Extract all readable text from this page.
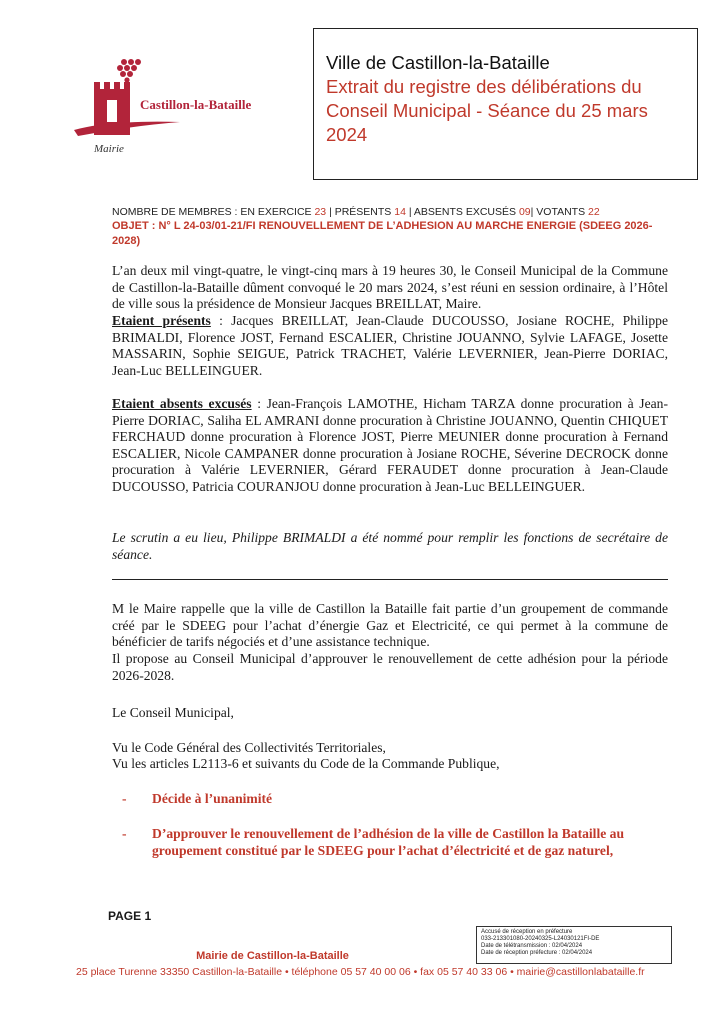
Castillon-la-Bataille
Mairie
Ville de Castillon-la-Bataille
Extrait du registre des délibérations du
Conseil Municipal - Séance du 25 mars
2024
NOMBRE DE MEMBRES : EN EXERCICE 23 | PRÉSENTS 14 | ABSENTS EXCUSÉS 09| VOTANTS 22
OBJET : N° L 24-03/01-21/FI RENOUVELLEMENT DE L’ADHESION AU MARCHE ENERGIE (SDEEG 2026-2028)
L’an deux mil vingt-quatre, le vingt-cinq mars à 19 heures 30, le Conseil Municipal de la Commune de Castillon-la-Bataille dûment convoqué le 20 mars 2024, s’est réuni en session ordinaire, à l’Hôtel de ville sous la présidence de Monsieur Jacques BREILLAT, Maire.
Etaient présents : Jacques BREILLAT, Jean-Claude DUCOUSSO, Josiane ROCHE, Philippe BRIMALDI, Florence JOST, Fernand ESCALIER, Christine JOUANNO, Sylvie LAFAGE, Josette MASSARIN, Sophie SEIGUE, Patrick TRACHET, Valérie LEVERNIER, Jean-Pierre DORIAC, Jean-Luc BELLEINGUER.
Etaient absents excusés : Jean-François LAMOTHE, Hicham TARZA donne procuration à Jean-Pierre DORIAC, Saliha EL AMRANI donne procuration à Christine JOUANNO, Quentin CHIQUET FERCHAUD donne procuration à Florence JOST, Pierre MEUNIER donne procuration à Fernand ESCALIER, Nicole CAMPANER donne procuration à Josiane ROCHE, Séverine DECROCK donne procuration à Valérie LEVERNIER, Gérard FERAUDET donne procuration à Jean-Claude DUCOUSSO, Patricia COURANJOU donne procuration à Jean-Luc BELLEINGUER.
Le scrutin a eu lieu, Philippe BRIMALDI a été nommé pour remplir les fonctions de secrétaire de séance.
M le Maire rappelle que la ville de Castillon la Bataille fait partie d’un groupement de commande créé par le SDEEG pour l’achat d’énergie Gaz et Electricité, ce qui permet à la commune de bénéficier de tarifs négociés et d’une assistance technique.
Il propose au Conseil Municipal d’approuver le renouvellement de cette adhésion pour la période 2026-2028.
Le Conseil Municipal,
Vu le Code Général des Collectivités Territoriales,
Vu les articles L2113-6 et suivants du Code de la Commande Publique,
- Décide à l’unanimité
- D’approuver le renouvellement de l’adhésion de la ville de Castillon la Bataille au groupement constitué par le SDEEG pour l’achat d’électricité et de gaz naturel,
PAGE 1
Accusé de réception en préfecture
033-213301080-20240325-L24030121FI-DE
Date de télétransmission : 02/04/2024
Date de réception préfecture : 02/04/2024
Mairie de Castillon-la-Bataille
25 place Turenne 33350 Castillon-la-Bataille • téléphone 05 57 40 00 06 • fax 05 57 40 33 06 • mairie@castillonlabataille.fr
